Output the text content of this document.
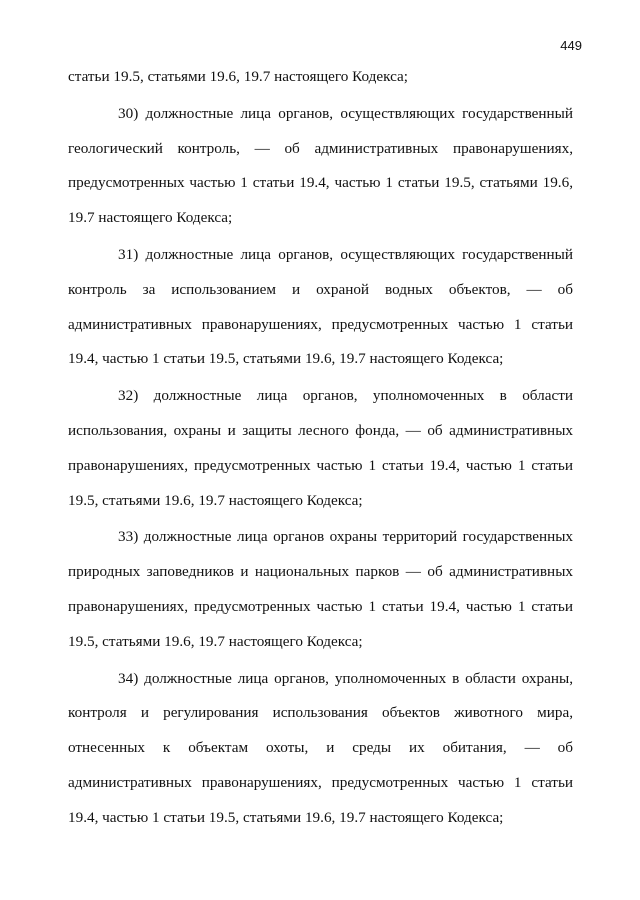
449

статьи 19.5, статьями 19.6, 19.7 настоящего Кодекса;

30) должностные лица органов, осуществляющих государственный геологический контроль, — об административных правонарушениях, предусмотренных частью 1 статьи 19.4, частью 1 статьи 19.5, статьями 19.6, 19.7 настоящего Кодекса;

31) должностные лица органов, осуществляющих государственный контроль за использованием и охраной водных объектов, — об административных правонарушениях, предусмотренных частью 1 статьи 19.4, частью 1 статьи 19.5, статьями 19.6, 19.7 настоящего Кодекса;

32) должностные лица органов, уполномоченных в области использования, охраны и защиты лесного фонда, — об административных правонарушениях, предусмотренных частью 1 статьи 19.4, частью 1 статьи 19.5, статьями 19.6, 19.7 настоящего Кодекса;

33) должностные лица органов охраны территорий государственных природных заповедников и национальных парков — об административных правонарушениях, предусмотренных частью 1 статьи 19.4, частью 1 статьи 19.5, статьями 19.6, 19.7 настоящего Кодекса;

34) должностные лица органов, уполномоченных в области охраны, контроля и регулирования использования объектов животного мира, отнесенных к объектам охоты, и среды их обитания, — об административных правонарушениях, предусмотренных частью 1 статьи 19.4, частью 1 статьи 19.5, статьями 19.6, 19.7 настоящего Кодекса;
